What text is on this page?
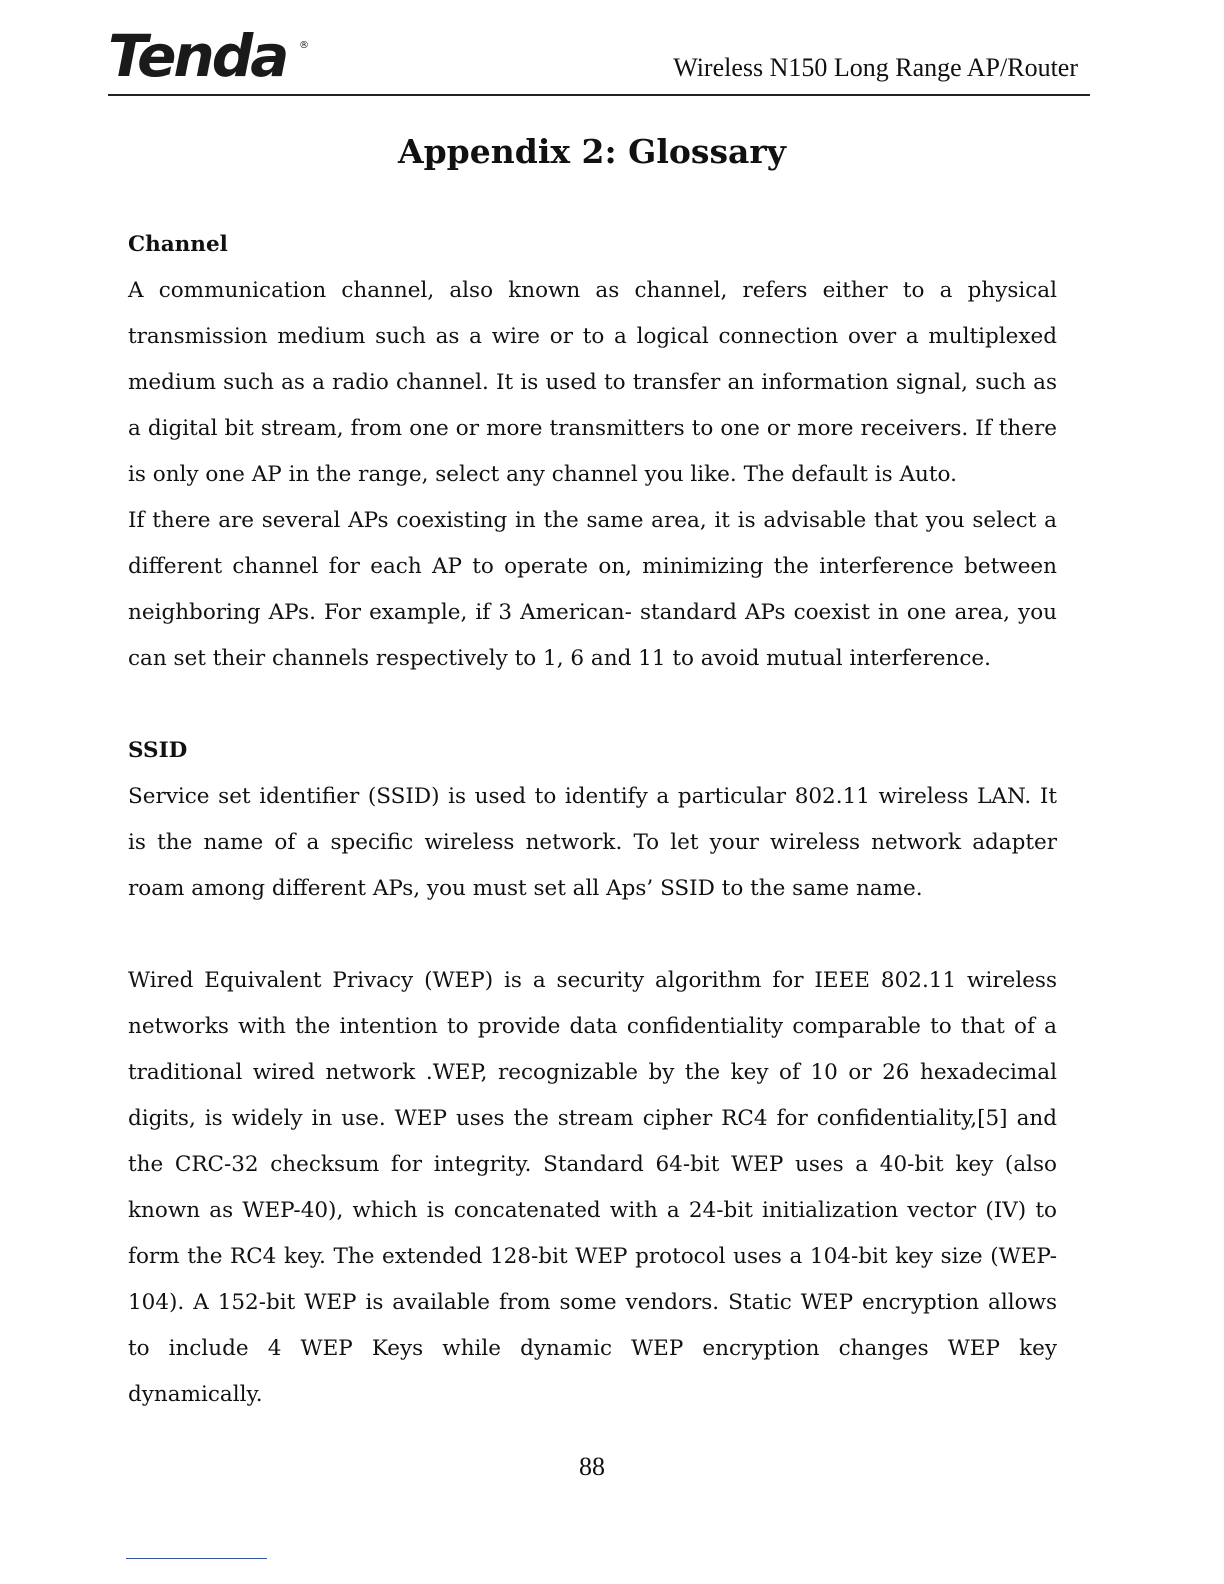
Tenda ®
Wireless N150 Long Range AP/Router
Appendix 2: Glossary

Channel

A communication channel, also known as channel, refers either to a physical transmission medium such as a wire or to a logical connection over a multiplexed medium such as a radio channel. It is used to transfer an information signal, such as a digital bit stream, from one or more transmitters to one or more receivers. If there is only one AP in the range, select any channel you like. The default is Auto.

If there are several APs coexisting in the same area, it is advisable that you select a different channel for each AP to operate on, minimizing the interference between neighboring APs. For example, if 3 American- standard APs coexist in one area, you can set their channels respectively to 1, 6 and 11 to avoid mutual interference.

SSID

Service set identifier (SSID) is used to identify a particular 802.11 wireless LAN. It is the name of a specific wireless network. To let your wireless network adapter roam among different APs, you must set all Aps’ SSID to the same name.

Wired Equivalent Privacy (WEP) is a security algorithm for IEEE 802.11 wireless networks with the intention to provide data confidentiality comparable to that of a traditional wired network .WEP, recognizable by the key of 10 or 26 hexadecimal digits, is widely in use. WEP uses the stream cipher RC4 for confidentiality,[5] and the CRC-32 checksum for integrity. Standard 64-bit WEP uses a 40-bit key (also known as WEP-40), which is concatenated with a 24-bit initialization vector (IV) to form the RC4 key. The extended 128-bit WEP protocol uses a 104-bit key size (WEP-104). A 152-bit WEP is available from some vendors. Static WEP encryption allows to include 4 WEP Keys while dynamic WEP encryption changes WEP key dynamically.

88
